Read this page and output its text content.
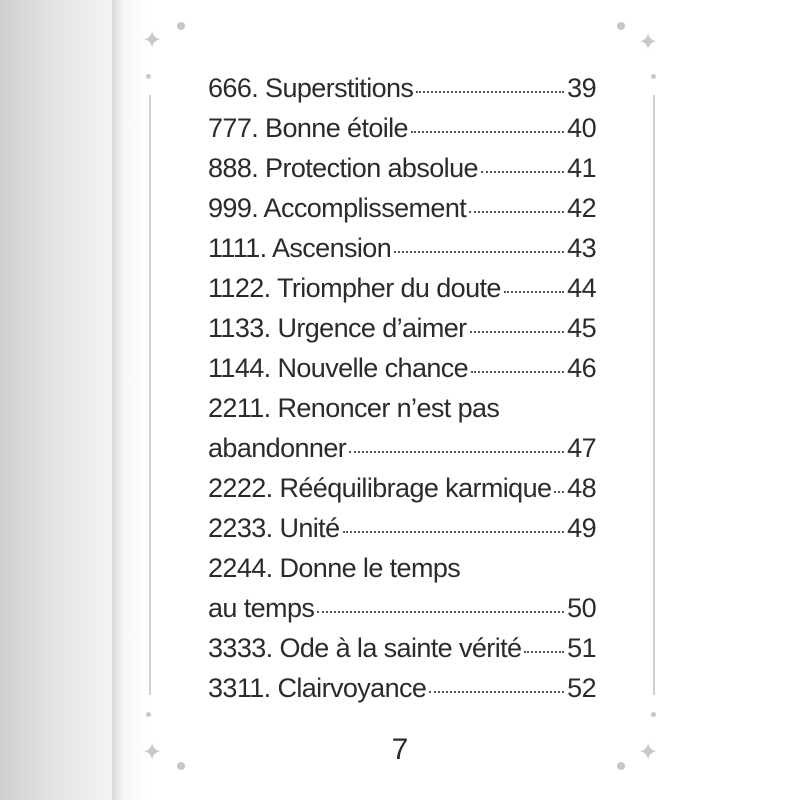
✦	✦
✦	✦
666. Superstitions	39
777. Bonne étoile	40
888. Protection absolue	41
999. Accomplissement	42
1111. Ascension	43
1122. Triompher du doute 44
1133. Urgence d’aimer	45
1144. Nouvelle chance	46
2211. Renoncer n’est pas
abandonner	47
2222. Rééquilibrage karmique 48
2233. Unité	49
2244. Donne le temps
au temps	50
3333. Ode à la sainte vérité 51
3311. Clairvoyance	52
7
